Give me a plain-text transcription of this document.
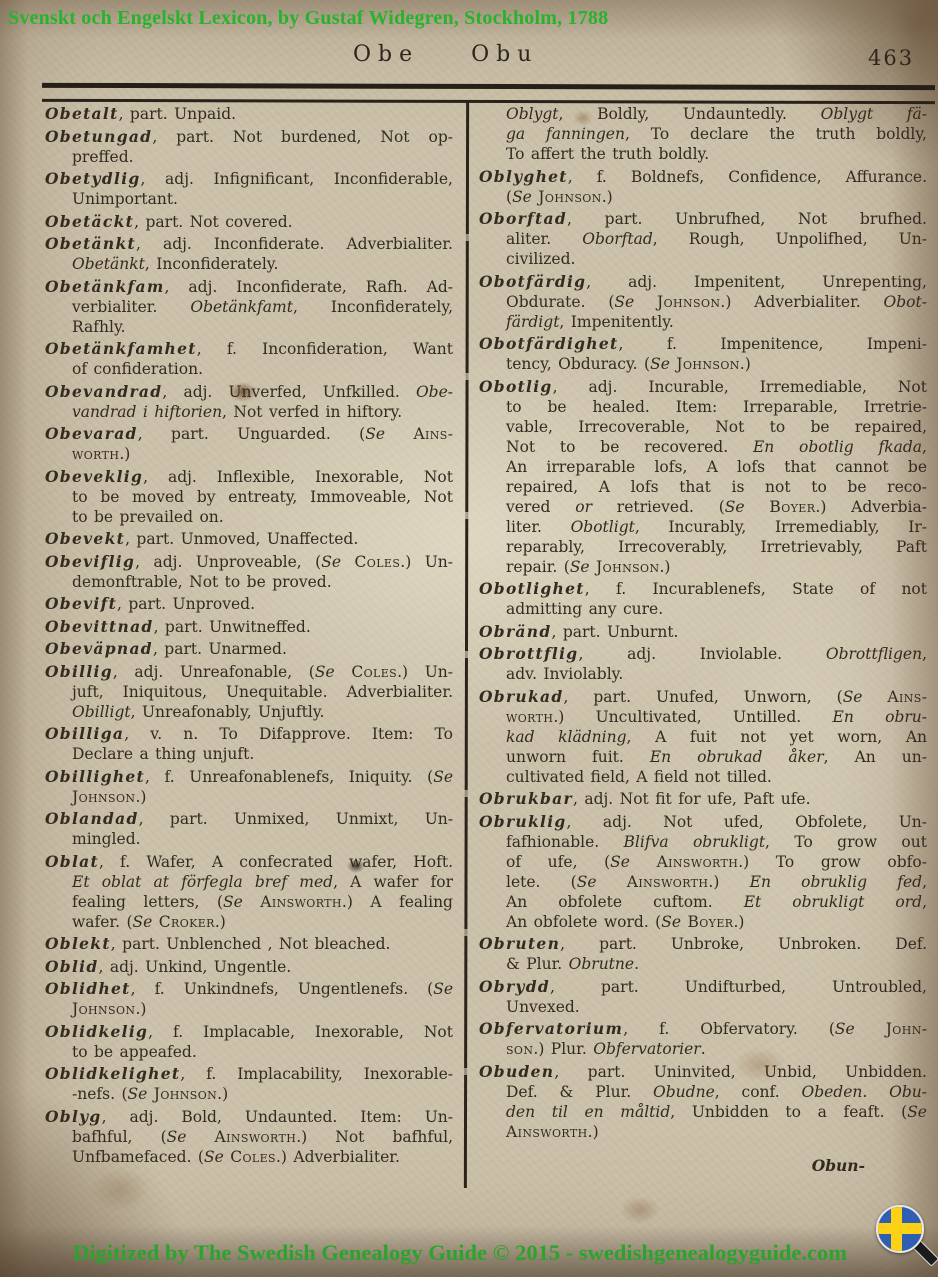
Svenskt och Engelskt Lexicon, by Gustaf Widegren, Stockholm, 1788
Obe Obu	463
Obetalt, part. Unpaid.
Obetungad, part. Not burdened, Not op-
preffed.
Obetydlig, adj. Infignificant, Inconfiderable,
Unimportant.
Obetäckt, part. Not covered.
Obetänkt, adj. Inconfiderate. Adverbialiter.
Obetänkt, Inconfiderately.
Obetänkfam, adj. Inconfiderate, Rafh. Ad-
verbialiter. Obetänkfamt, Inconfiderately,
Rafhly.
Obetänkfamhet, f. Inconfideration, Want
of confideration.
Obevandrad, adj. Unverfed, Unfkilled. Obe-
vandrad i hiftorien, Not verfed in hiftory.
Obevarad, part. Unguarded. (Se Ains-
worth.)
Obeveklig, adj. Inflexible, Inexorable, Not
to be moved by entreaty, Immoveable, Not
to be prevailed on.
Obevekt, part. Unmoved, Unaffected.
Obeviflig, adj. Unproveable, (Se Coles.) Un-
demonftrable, Not to be proved.
Obevift, part. Unproved.
Obevittnad, part. Unwitneffed.
Obeväpnad, part. Unarmed.
Obillig, adj. Unreafonable, (Se Coles.) Un-
juft, Iniquitous, Unequitable. Adverbialiter.
Obilligt, Unreafonably, Unjuftly.
Obilliga, v. n. To Difapprove. Item: To
Declare a thing unjuft.
Obillighet, f. Unreafonablenefs, Iniquity. (Se
Johnson.)
Oblandad, part. Unmixed, Unmixt, Un-
mingled.
Oblat, f. Wafer, A confecrated wafer, Hoft.
Et oblat at förfegla bref med, A wafer for
fealing letters, (Se Ainsworth.) A fealing
wafer. (Se Croker.)
Oblekt, part. Unblenched , Not bleached.
Oblid, adj. Unkind, Ungentle.
Oblidhet, f. Unkindnefs, Ungentlenefs. (Se
Johnson.)
Oblidkelig, f. Implacable, Inexorable, Not
to be appeafed.
Oblidkelighet, f. Implacability, Inexorable-
-nefs. (Se Johnson.)
Oblyg, adj. Bold, Undaunted. Item: Un-
bafhful, (Se Ainsworth.) Not bafhful,
Unfbamefaced. (Se Coles.) Adverbialiter.
Oblygt, Boldly, Undauntedly. Oblygt fä-
ga fanningen, To declare the truth boldly,
To affert the truth boldly.
Oblyghet, f. Boldnefs, Confidence, Affurance.
(Se Johnson.)
Oborftad, part. Unbrufhed, Not brufhed.
aliter. Oborftad, Rough, Unpolifhed, Un-
civilized.
Obotfärdig, adj. Impenitent, Unrepenting,
Obdurate. (Se Johnson.) Adverbialiter. Obot-
färdigt, Impenitently.
Obotfärdighet, f. Impenitence, Impeni-
tency, Obduracy. (Se Johnson.)
Obotlig, adj. Incurable, Irremediable, Not
to be healed. Item: Irreparable, Irretrie-
vable, Irrecoverable, Not to be repaired,
Not to be recovered. En obotlig fkada,
An irreparable lofs, A lofs that cannot be
repaired, A lofs that is not to be reco-
vered or retrieved. (Se Boyer.) Adverbia-
liter. Obotligt, Incurably, Irremediably, Ir-
reparably, Irrecoverably, Irretrievably, Paft
repair. (Se Johnson.)
Obotlighet, f. Incurablenefs, State of not
admitting any cure.
Obränd, part. Unburnt.
Obrottflig, adj. Inviolable. Obrottfligen,
adv. Inviolably.
Obrukad, part. Unufed, Unworn, (Se Ains-
worth.) Uncultivated, Untilled. En obru-
kad klädning, A fuit not yet worn, An
unworn fuit. En obrukad åker, An un-
cultivated field, A field not tilled.
Obrukbar, adj. Not fit for ufe, Paft ufe.
Obruklig, adj. Not ufed, Obfolete, Un-
fafhionable. Blifva obrukligt, To grow out
of ufe, (Se Ainsworth.) To grow obfo-
lete. (Se Ainsworth.) En obruklig fed,
An obfolete cuftom. Et obrukligt ord,
An obfolete word. (Se Boyer.)
Obruten, part. Unbroke, Unbroken. Def.
& Plur. Obrutne.
Obrydd, part. Undifturbed, Untroubled,
Unvexed.
Obfervatorium, f. Obfervatory. (Se John-
son.) Plur. Obfervatorier.
Obuden, part. Uninvited, Unbid, Unbidden.
Def. & Plur. Obudne, conf. Obeden. Obu-
den til en måltid, Unbidden to a feaft. (Se
Ainsworth.)
Obun-
Digitized by The Swedish Genealogy Guide © 2015 - swedishgenealogyguide.com
